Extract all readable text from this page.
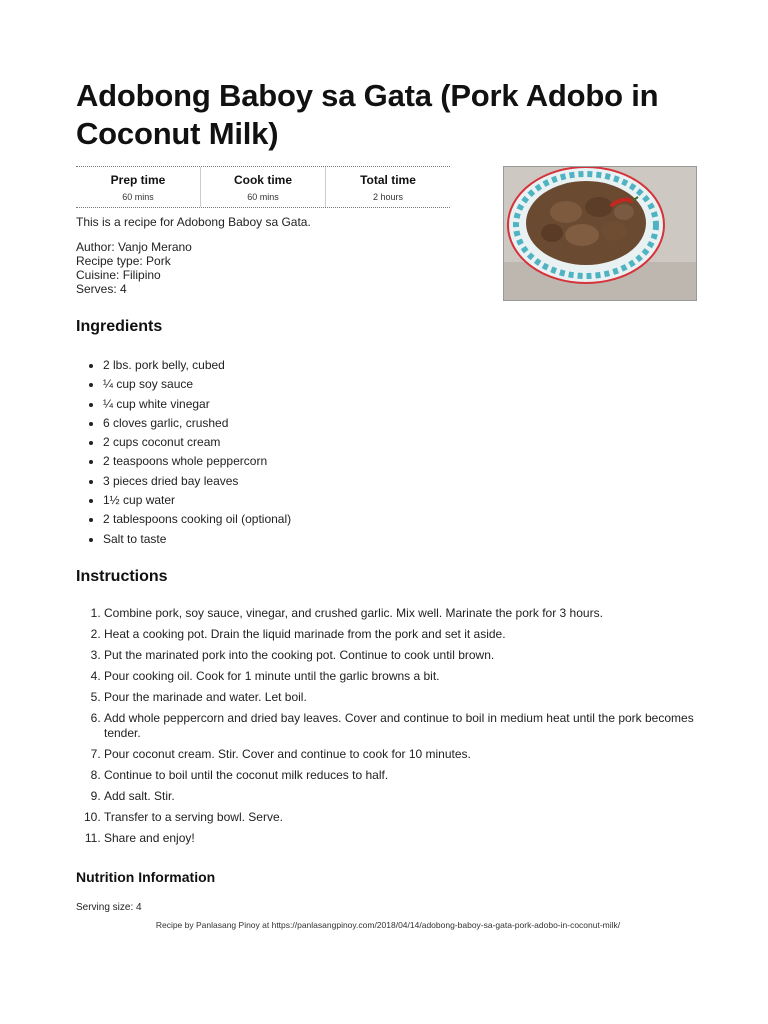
Adobong Baboy sa Gata (Pork Adobo in Coconut Milk)
Prep time
60 mins
Cook time
60 mins
Total time
2 hours

This is a recipe for Adobong Baboy sa Gata.

Author: Vanjo Merano
Recipe type: Pork
Cuisine: Filipino
Serves: 4
Ingredients
• 2 lbs. pork belly, cubed
• ¼ cup soy sauce
• ¼ cup white vinegar
• 6 cloves garlic, crushed
• 2 cups coconut cream
• 2 teaspoons whole peppercorn
• 3 pieces dried bay leaves
• 1½ cup water
• 2 tablespoons cooking oil (optional)
• Salt to taste
Instructions
1. Combine pork, soy sauce, vinegar, and crushed garlic. Mix well. Marinate the pork for 3 hours.
2. Heat a cooking pot. Drain the liquid marinade from the pork and set it aside.
3. Put the marinated pork into the cooking pot. Continue to cook until brown.
4. Pour cooking oil. Cook for 1 minute until the garlic browns a bit.
5. Pour the marinade and water. Let boil.
6. Add whole peppercorn and dried bay leaves. Cover and continue to boil in medium heat until the pork becomes tender.
7. Pour coconut cream. Stir. Cover and continue to cook for 10 minutes.
8. Continue to boil until the coconut milk reduces to half.
9. Add salt. Stir.
10. Transfer to a serving bowl. Serve.
11. Share and enjoy!
Nutrition Information
Serving size: 4
Recipe by Panlasang Pinoy at https://panlasangpinoy.com/2018/04/14/adobong-baboy-sa-gata-pork-adobo-in-coconut-milk/
